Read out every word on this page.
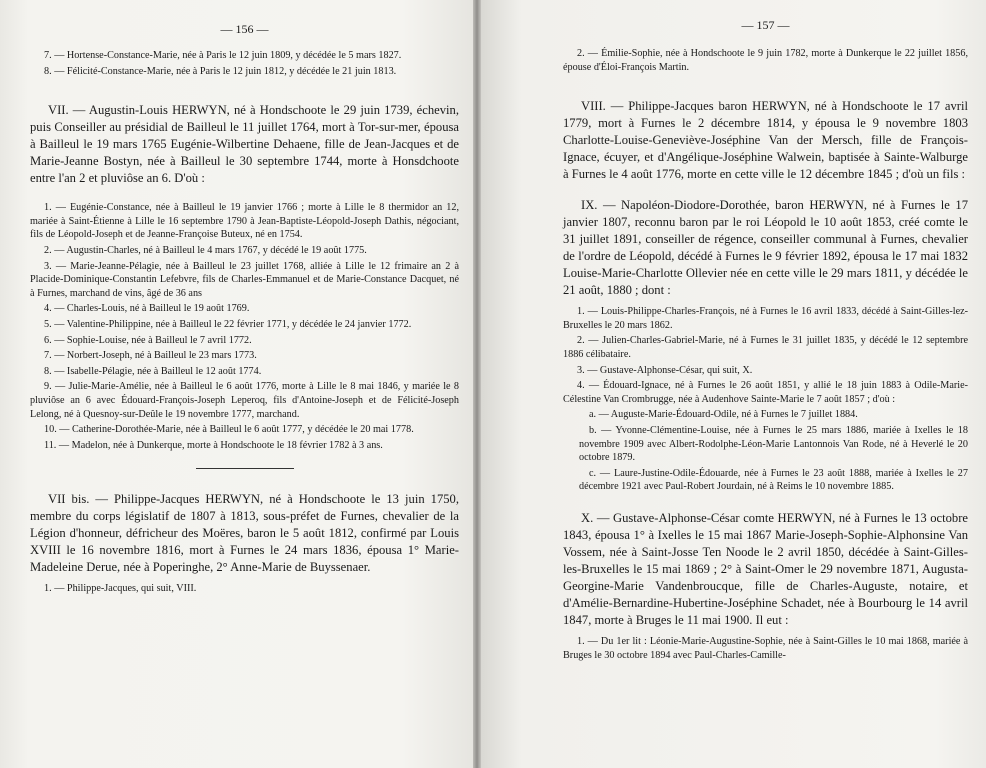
— 156 —

7. — Hortense-Constance-Marie, née à Paris le 12 juin 1809, y décédée le 5 mars 1827.

8. — Félicité-Constance-Marie, née à Paris le 12 juin 1812, y décédée le 21 juin 1813.

VII. — Augustin-Louis HERWYN, né à Hondschoote le 29 juin 1739, échevin, puis Conseiller au présidial de Bailleul le 11 juillet 1764, mort à Tor-sur-mer, épousa à Bailleul le 19 mars 1765 Eugénie-Wilbertine Dehaene, fille de Jean-Jacques et de Marie-Jeanne Bostyn, née à Bailleul le 30 septembre 1744, morte à Honsdchoote entre l'an 2 et pluviôse an 6. D'où :

1. — Eugénie-Constance, née à Bailleul le 19 janvier 1766 ; morte à Lille le 8 thermidor an 12, mariée à Saint-Étienne à Lille le 16 septembre 1790 à Jean-Baptiste-Léopold-Joseph Dathis, négociant, fils de Léopold-Joseph et de Jeanne-Françoise Buteux, né en 1754.

2. — Augustin-Charles, né à Bailleul le 4 mars 1767, y décédé le 19 août 1775.

3. — Marie-Jeanne-Pélagie, née à Bailleul le 23 juillet 1768, alliée à Lille le 12 frimaire an 2 à Placide-Dominique-Constantin Lefebvre, fils de Charles-Emmanuel et de Marie-Constance Dacquet, né à Furnes, marchand de vins, âgé de 36 ans

4. — Charles-Louis, né à Bailleul le 19 août 1769.

5. — Valentine-Philippine, née à Bailleul le 22 février 1771, y décédée le 24 janvier 1772.

6. — Sophie-Louise, née à Bailleul le 7 avril 1772.

7. — Norbert-Joseph, né à Bailleul le 23 mars 1773.

8. — Isabelle-Pélagie, née à Bailleul le 12 août 1774.

9. — Julie-Marie-Amélie, née à Bailleul le 6 août 1776, morte à Lille le 8 mai 1846, y mariée le 8 pluviôse an 6 avec Édouard-François-Joseph Leperoq, fils d'Antoine-Joseph et de Félicité-Joseph Lelong, né à Quesnoy-sur-Deûle le 19 novembre 1777, marchand.

10. — Catherine-Dorothée-Marie, née à Bailleul le 6 août 1777, y décédée le 20 mai 1778.

11. — Madelon, née à Dunkerque, morte à Hondschoote le 18 février 1782 à 3 ans.

VII bis. — Philippe-Jacques HERWYN, né à Hondschoote le 13 juin 1750, membre du corps législatif de 1807 à 1813, sous-préfet de Furnes, chevalier de la Légion d'honneur, défricheur des Moëres, baron le 5 août 1812, confirmé par Louis XVIII le 16 novembre 1816, mort à Furnes le 24 mars 1836, épousa 1° Marie-Madeleine Derue, née à Poperinghe, 2° Anne-Marie de Buyssenaer.

1. — Philippe-Jacques, qui suit, VIII.

— 157 —

2. — Émilie-Sophie, née à Hondschoote le 9 juin 1782, morte à Dunkerque le 22 juillet 1856, épouse d'Éloi-François Martin.

VIII. — Philippe-Jacques baron HERWYN, né à Hondschoote le 17 avril 1779, mort à Furnes le 2 décembre 1814, y épousa le 9 novembre 1803 Charlotte-Louise-Geneviève-Joséphine Van der Mersch, fille de François-Ignace, écuyer, et d'Angélique-Joséphine Walwein, baptisée à Sainte-Walburge à Furnes le 4 août 1776, morte en cette ville le 12 décembre 1845 ; d'où un fils :

IX. — Napoléon-Diodore-Dorothée, baron HERWYN, né à Furnes le 17 janvier 1807, reconnu baron par le roi Léopold le 10 août 1853, créé comte le 31 juillet 1891, conseiller de régence, conseiller communal à Furnes, chevalier de l'ordre de Léopold, décédé à Furnes le 9 février 1892, épousa le 17 mai 1832 Louise-Marie-Charlotte Ollevier née en cette ville le 29 mars 1811, y décédée le 21 août, 1880 ; dont :

1. — Louis-Philippe-Charles-François, né à Furnes le 16 avril 1833, décédé à Saint-Gilles-lez-Bruxelles le 20 mars 1862.

2. — Julien-Charles-Gabriel-Marie, né à Furnes le 31 juillet 1835, y décédé le 12 septembre 1886 célibataire.

3. — Gustave-Alphonse-César, qui suit, X.

4. — Édouard-Ignace, né à Furnes le 26 août 1851, y allié le 18 juin 1883 à Odile-Marie-Célestine Van Crombrugge, née à Audenhove Sainte-Marie le 7 août 1857 ; d'où :

a. — Auguste-Marie-Édouard-Odile, né à Furnes le 7 juillet 1884.

b. — Yvonne-Clémentine-Louise, née à Furnes le 25 mars 1886, mariée à Ixelles le 18 novembre 1909 avec Albert-Rodolphe-Léon-Marie Lantonnois Van Rode, né à Heverlé le 20 octobre 1879.

c. — Laure-Justine-Odile-Édouarde, née à Furnes le 23 août 1888, mariée à Ixelles le 27 décembre 1921 avec Paul-Robert Jourdain, né à Reims le 10 novembre 1885.

X. — Gustave-Alphonse-César comte HERWYN, né à Furnes le 13 octobre 1843, épousa 1° à Ixelles le 15 mai 1867 Marie-Joseph-Sophie-Alphonsine Van Vossem, née à Saint-Josse Ten Noode le 2 avril 1850, décédée à Saint-Gilles-les-Bruxelles le 15 mai 1869 ; 2° à Saint-Omer le 29 novembre 1871, Augusta-Georgine-Marie Vandenbroucque, fille de Charles-Auguste, notaire, et d'Amélie-Bernardine-Hubertine-Joséphine Schadet, née à Bourbourg le 14 avril 1847, morte à Bruges le 11 mai 1900. Il eut :

1. — Du 1er lit : Léonie-Marie-Augustine-Sophie, née à Saint-Gilles le 10 mai 1868, mariée à Bruges le 30 octobre 1894 avec Paul-Charles-Camille-
